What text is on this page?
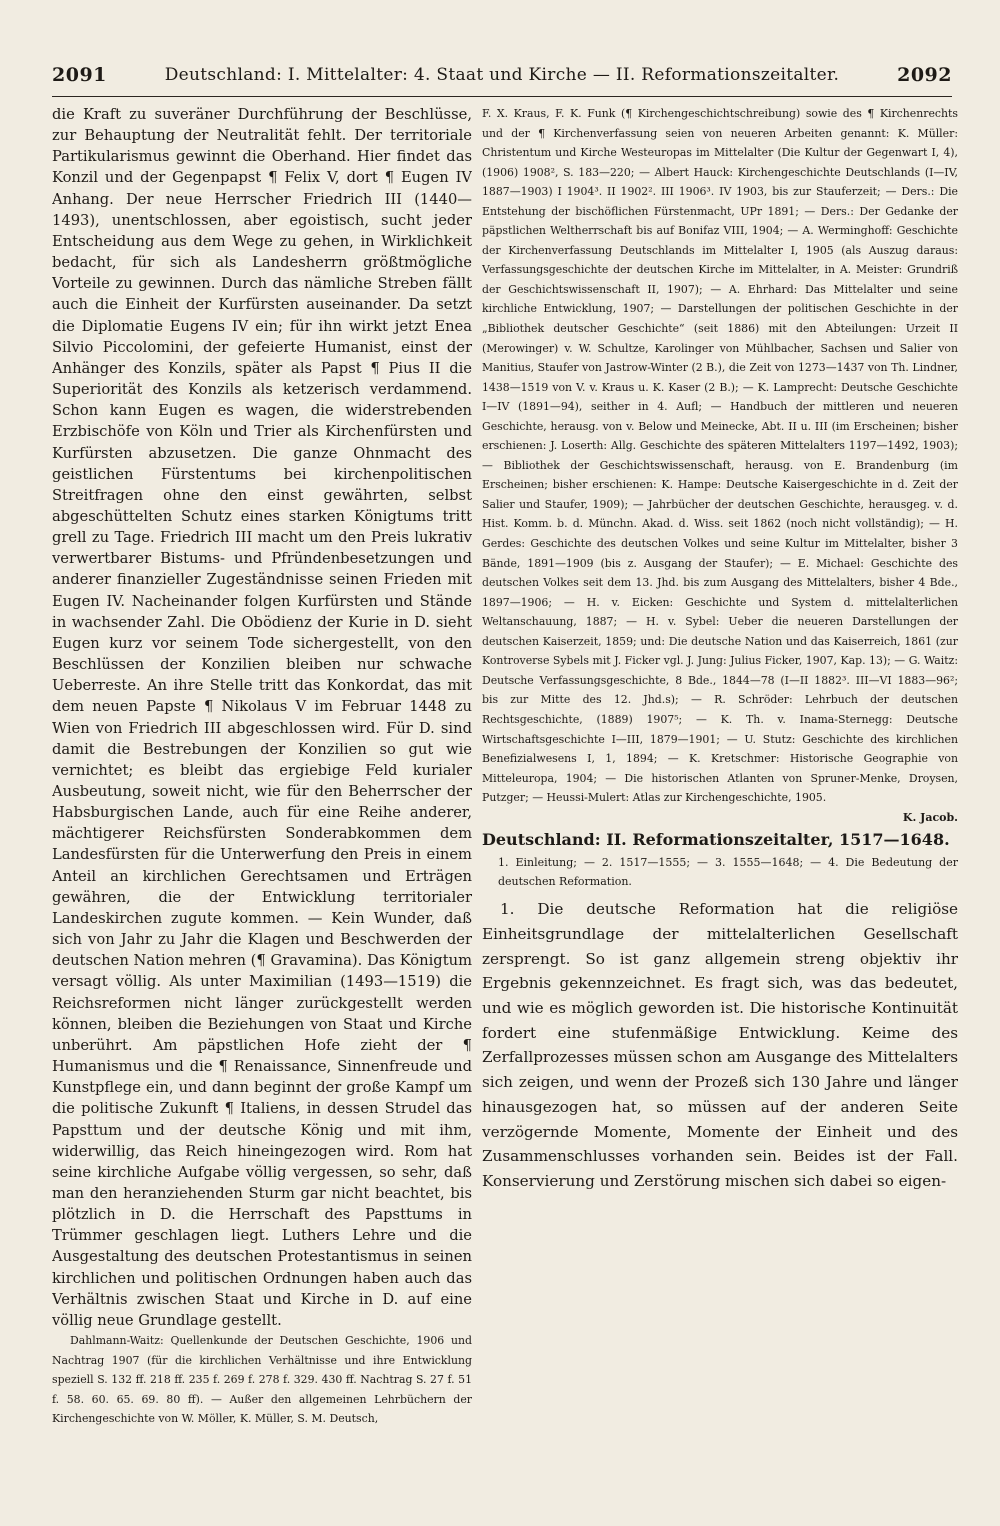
2091	Deutschland: I. Mittelalter: 4. Staat und Kirche — II. Reformationszeitalter.	2092

die Kraft zu suveräner Durchführung der Beschlüsse, zur Behauptung der Neutralität fehlt. Der territoriale Partikularismus gewinnt die Oberhand. Hier findet das Konzil und der Gegenpapst ¶ Felix V, dort ¶ Eugen IV Anhang. Der neue Herrscher Friedrich III (1440—1493), unentschlossen, aber egoistisch, sucht jeder Entscheidung aus dem Wege zu gehen, in Wirklichkeit bedacht, für sich als Landesherrn größtmögliche Vorteile zu gewinnen. Durch das nämliche Streben fällt auch die Einheit der Kurfürsten auseinander. Da setzt die Diplomatie Eugens IV ein; für ihn wirkt jetzt Enea Silvio Piccolomini, der gefeierte Humanist, einst der Anhänger des Konzils, später als Papst ¶ Pius II die Superiorität des Konzils als ketzerisch verdammend. Schon kann Eugen es wagen, die widerstrebenden Erzbischöfe von Köln und Trier als Kirchenfürsten und Kurfürsten abzusetzen. Die ganze Ohnmacht des geistlichen Fürstentums bei kirchenpolitischen Streitfragen ohne den einst gewährten, selbst abgeschüttelten Schutz eines starken Königtums tritt grell zu Tage. Friedrich III macht um den Preis lukrativ verwertbarer Bistums- und Pfründenbesetzungen und anderer finanzieller Zugeständnisse seinen Frieden mit Eugen IV. Nacheinander folgen Kurfürsten und Stände in wachsender Zahl. Die Obödienz der Kurie in D. sieht Eugen kurz vor seinem Tode sichergestellt, von den Beschlüssen der Konzilien bleiben nur schwache Ueberreste. An ihre Stelle tritt das Konkordat, das mit dem neuen Papste ¶ Nikolaus V im Februar 1448 zu Wien von Friedrich III abgeschlossen wird. Für D. sind damit die Bestrebungen der Konzilien so gut wie vernichtet; es bleibt das ergiebige Feld kurialer Ausbeutung, soweit nicht, wie für den Beherrscher der Habsburgischen Lande, auch für eine Reihe anderer, mächtigerer Reichsfürsten Sonderabkommen dem Landesfürsten für die Unterwerfung den Preis in einem Anteil an kirchlichen Gerechtsamen und Erträgen gewähren, die der Entwicklung territorialer Landeskirchen zugute kommen. — Kein Wunder, daß sich von Jahr zu Jahr die Klagen und Beschwerden der deutschen Nation mehren (¶ Gravamina). Das Königtum versagt völlig. Als unter Maximilian (1493—1519) die Reichsreformen nicht länger zurückgestellt werden können, bleiben die Beziehungen von Staat und Kirche unberührt. Am päpstlichen Hofe zieht der ¶ Humanismus und die ¶ Renaissance, Sinnenfreude und Kunstpflege ein, und dann beginnt der große Kampf um die politische Zukunft ¶ Italiens, in dessen Strudel das Papsttum und der deutsche König und mit ihm, widerwillig, das Reich hineingezogen wird. Rom hat seine kirchliche Aufgabe völlig vergessen, so sehr, daß man den heranziehenden Sturm gar nicht beachtet, bis plötzlich in D. die Herrschaft des Papsttums in Trümmer geschlagen liegt. Luthers Lehre und die Ausgestaltung des deutschen Protestantismus in seinen kirchlichen und politischen Ordnungen haben auch das Verhältnis zwischen Staat und Kirche in D. auf eine völlig neue Grundlage gestellt.

Dahlmann-Waitz: Quellenkunde der Deutschen Geschichte, 1906 und Nachtrag 1907 (für die kirchlichen Verhältnisse und ihre Entwicklung speziell S. 132 ff. 218 ff. 235 f. 269 f. 278 f. 329. 430 ff. Nachtrag S. 27 f. 51 f. 58. 60. 65. 69. 80 ff). — Außer den allgemeinen Lehrbüchern der Kirchengeschichte von W. Möller, K. Müller, S. M. Deutsch,

F. X. Kraus, F. K. Funk (¶ Kirchengeschichtschreibung) sowie des ¶ Kirchenrechts und der ¶ Kirchenverfassung seien von neueren Arbeiten genannt: K. Müller: Christentum und Kirche Westeuropas im Mittelalter (Die Kultur der Gegenwart I, 4), (1906) 1908², S. 183—220; — Albert Hauck: Kirchengeschichte Deutschlands (I—IV, 1887—1903) I 1904³. II 1902². III 1906³. IV 1903, bis zur Stauferzeit; — Ders.: Die Entstehung der bischöflichen Fürstenmacht, UPr 1891; — Ders.: Der Gedanke der päpstlichen Weltherrschaft bis auf Bonifaz VIII, 1904; — A. Werminghoff: Geschichte der Kirchenverfassung Deutschlands im Mittelalter I, 1905 (als Auszug daraus: Verfassungsgeschichte der deutschen Kirche im Mittelalter, in A. Meister: Grundriß der Geschichtswissenschaft II, 1907); — A. Ehrhard: Das Mittelalter und seine kirchliche Entwicklung, 1907; — Darstellungen der politischen Geschichte in der „Bibliothek deutscher Geschichte“ (seit 1886) mit den Abteilungen: Urzeit II (Merowinger) v. W. Schultze, Karolinger von Mühlbacher, Sachsen und Salier von Manitius, Staufer von Jastrow-Winter (2 B.), die Zeit von 1273—1437 von Th. Lindner, 1438—1519 von V. v. Kraus u. K. Kaser (2 B.); — K. Lamprecht: Deutsche Geschichte I—IV (1891—94), seither in 4. Aufl; — Handbuch der mittleren und neueren Geschichte, herausg. von v. Below und Meinecke, Abt. II u. III (im Erscheinen; bisher erschienen: J. Loserth: Allg. Geschichte des späteren Mittelalters 1197—1492, 1903); — Bibliothek der Geschichtswissenschaft, herausg. von E. Brandenburg (im Erscheinen; bisher erschienen: K. Hampe: Deutsche Kaisergeschichte in d. Zeit der Salier und Staufer, 1909); — Jahrbücher der deutschen Geschichte, herausgeg. v. d. Hist. Komm. b. d. Münchn. Akad. d. Wiss. seit 1862 (noch nicht vollständig); — H. Gerdes: Geschichte des deutschen Volkes und seine Kultur im Mittelalter, bisher 3 Bände, 1891—1909 (bis z. Ausgang der Staufer); — E. Michael: Geschichte des deutschen Volkes seit dem 13. Jhd. bis zum Ausgang des Mittelalters, bisher 4 Bde., 1897—1906; — H. v. Eicken: Geschichte und System d. mittelalterlichen Weltanschauung, 1887; — H. v. Sybel: Ueber die neueren Darstellungen der deutschen Kaiserzeit, 1859; und: Die deutsche Nation und das Kaiserreich, 1861 (zur Kontroverse Sybels mit J. Ficker vgl. J. Jung: Julius Ficker, 1907, Kap. 13); — G. Waitz: Deutsche Verfassungsgeschichte, 8 Bde., 1844—78 (I—II 1882³. III—VI 1883—96²; bis zur Mitte des 12. Jhd.s); — R. Schröder: Lehrbuch der deutschen Rechtsgeschichte, (1889) 1907⁵; — K. Th. v. Inama-Sternegg: Deutsche Wirtschaftsgeschichte I—III, 1879—1901; — U. Stutz: Geschichte des kirchlichen Benefizialwesens I, 1, 1894; — K. Kretschmer: Historische Geographie von Mitteleuropa, 1904; — Die historischen Atlanten von Spruner-Menke, Droysen, Putzger; — Heussi-Mulert: Atlas zur Kirchengeschichte, 1905.

K. Jacob.

Deutschland: II. Reformationszeitalter, 1517—1648.

1. Einleitung; — 2. 1517—1555; — 3. 1555—1648; — 4. Die Bedeutung der deutschen Reformation.

1. Die deutsche Reformation hat die religiöse Einheitsgrundlage der mittelalterlichen Gesellschaft zersprengt. So ist ganz allgemein streng objektiv ihr Ergebnis gekennzeichnet. Es fragt sich, was das bedeutet, und wie es möglich geworden ist. Die historische Kontinuität fordert eine stufenmäßige Entwicklung. Keime des Zerfallprozesses müssen schon am Ausgange des Mittelalters sich zeigen, und wenn der Prozeß sich 130 Jahre und länger hinausgezogen hat, so müssen auf der anderen Seite verzögernde Momente, Momente der Einheit und des Zusammenschlusses vorhanden sein. Beides ist der Fall. Konservierung und Zerstörung mischen sich dabei so eigen-
